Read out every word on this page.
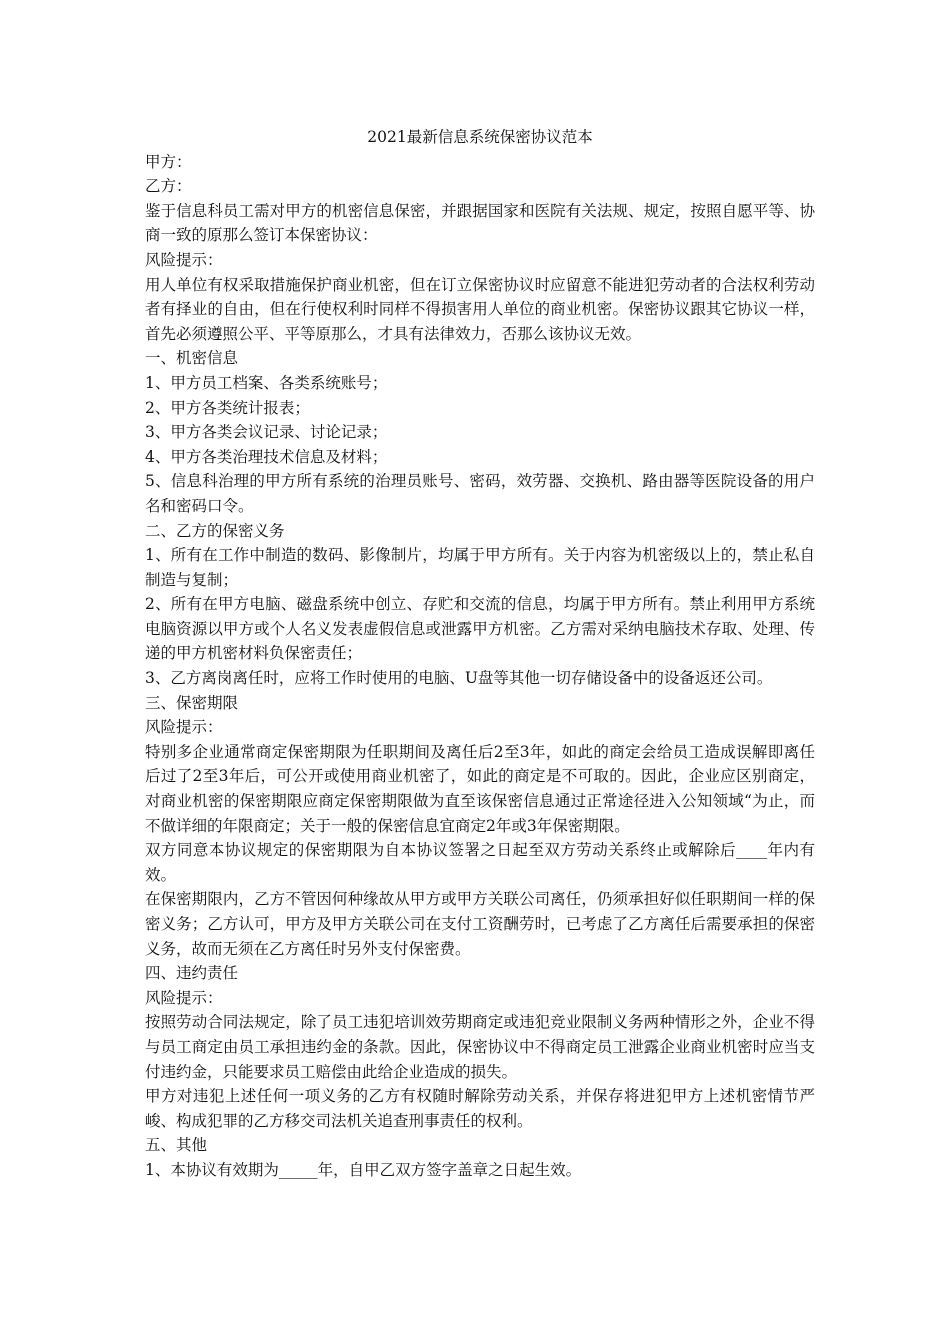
2021最新信息系统保密协议范本
甲方：
乙方：
鉴于信息科员工需对甲方的机密信息保密，并跟据国家和医院有关法规、规定，按照自愿平等、协商一致的原那么签订本保密协议：
风险提示：
用人单位有权采取措施保护商业机密，但在订立保密协议时应留意不能进犯劳动者的合法权利劳动者有择业的自由，但在行使权利时同样不得损害用人单位的商业机密。保密协议跟其它协议一样，首先必须遵照公平、平等原那么，才具有法律效力，否那么该协议无效。
一、机密信息
1、甲方员工档案、各类系统账号；
2、甲方各类统计报表；
3、甲方各类会议记录、讨论记录；
4、甲方各类治理技术信息及材料；
5、信息科治理的甲方所有系统的治理员账号、密码，效劳器、交换机、路由器等医院设备的用户名和密码口令。
二、乙方的保密义务
1、所有在工作中制造的数码、影像制片，均属于甲方所有。关于内容为机密级以上的，禁止私自制造与复制；
2、所有在甲方电脑、磁盘系统中创立、存贮和交流的信息，均属于甲方所有。禁止利用甲方系统电脑资源以甲方或个人名义发表虚假信息或泄露甲方机密。乙方需对采纳电脑技术存取、处理、传递的甲方机密材料负保密责任；
3、乙方离岗离任时，应将工作时使用的电脑、U盘等其他一切存储设备中的设备返还公司。
三、保密期限
风险提示：
特别多企业通常商定保密期限为任职期间及离任后2至3年，如此的商定会给员工造成误解即离任后过了2至3年后，可公开或使用商业机密了，如此的商定是不可取的。因此，企业应区别商定，对商业机密的保密期限应商定保密期限做为直至该保密信息通过正常途径进入公知领域“为止，而不做详细的年限商定；关于一般的保密信息宜商定2年或3年保密期限。
双方同意本协议规定的保密期限为自本协议签署之日起至双方劳动关系终止或解除后____年内有效。
在保密期限内，乙方不管因何种缘故从甲方或甲方关联公司离任，仍须承担好似任职期间一样的保密义务；乙方认可，甲方及甲方关联公司在支付工资酬劳时，已考虑了乙方离任后需要承担的保密义务，故而无须在乙方离任时另外支付保密费。
四、违约责任
风险提示：
按照劳动合同法规定，除了员工违犯培训效劳期商定或违犯竞业限制义务两种情形之外，企业不得与员工商定由员工承担违约金的条款。因此，保密协议中不得商定员工泄露企业商业机密时应当支付违约金，只能要求员工赔偿由此给企业造成的损失。
甲方对违犯上述任何一项义务的乙方有权随时解除劳动关系，并保存将进犯甲方上述机密情节严峻、构成犯罪的乙方移交司法机关追查刑事责任的权利。
五、其他
1、本协议有效期为_____年，自甲乙双方签字盖章之日起生效。
